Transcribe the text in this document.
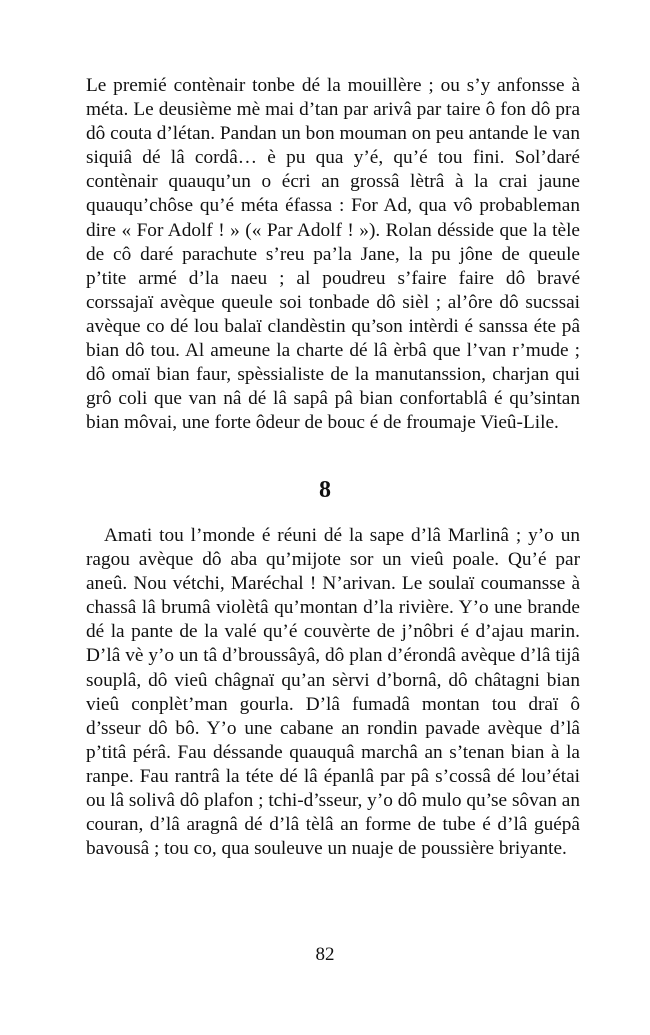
Le premié contènair tonbe dé la mouillère ; ou s’y anfonsse à méta. Le deusième mè mai d’tan par arivâ par taire ô fon dô pra dô couta d’létan. Pandan un bon mouman on peu antande le van siquiâ dé lâ cordâ… è pu qua y’é, qu’é tou fini. Sol’daré contènair quauqu’un o écri an grossâ lètrâ à la crai jaune quauqu’chôse qu’é méta éfassa : For Ad, qua vô probableman dire « For Adolf ! » (« Par Adolf ! »). Rolan désside que la tèle de cô daré parachute s’reu pa’la Jane, la pu jône de queule p’tite armé d’la naeu ; al poudreu s’faire faire dô bravé corssajaï avèque queule soi tonbade dô sièl ; al’ôre dô sucssai avèque co dé lou balaï clandèstin qu’son intèrdi é sanssa éte pâ bian dô tou. Al ameune la charte dé lâ èrbâ que l’van r’mude ; dô omaï bian faur, spèssialiste de la manutanssion, charjan qui grô coli que van nâ dé lâ sapâ pâ bian confortablâ é qu’sintan bian môvai, une forte ôdeur de bouc é de froumaje Vieû-Lile.

8

Amati tou l’monde é réuni dé la sape d’lâ Marlinâ ; y’o un ragou avèque dô aba qu’mijote sor un vieû poale. Qu’é par aneû. Nou vétchi, Maréchal ! N’arivan. Le soulaï coumansse à chassâ lâ brumâ violètâ qu’montan d’la rivière. Y’o une brande dé la pante de la valé qu’é couvèrte de j’nôbri é d’ajau marin. D’lâ vè y’o un tâ d’broussâyâ, dô plan d’érondâ avèque d’lâ tijâ souplâ, dô vieû châgnaï qu’an sèrvi d’bornâ, dô châtagni bian vieû conplèt’man gourla. D’lâ fumadâ montan tou draï ô d’sseur dô bô. Y’o une cabane an rondin pavade avèque d’lâ p’titâ pérâ. Fau déssande quauquâ marchâ an s’tenan bian à la ranpe. Fau rantrâ la téte dé lâ épanlâ par pâ s’cossâ dé lou’étai ou lâ solivâ dô plafon ; tchi-d’sseur, y’o dô mulo qu’se sôvan an couran, d’lâ aragnâ dé d’lâ tèlâ an forme de tube é d’lâ guépâ bavousâ ; tou co, qua souleuve un nuaje de poussière briyante.

82
